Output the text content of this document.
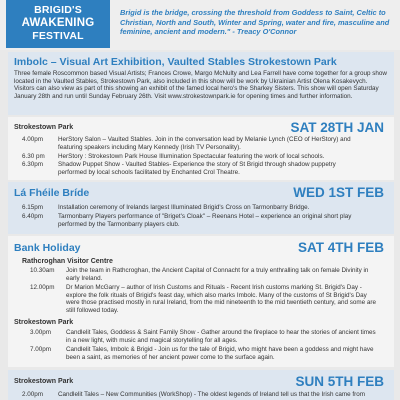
BRIGID'S
AWAKENING
FESTIVAL
Brigid is the bridge, crossing the threshold from Goddess to Saint, Celtic to Christian, North and South, Winter and Spring, water and fire, masculine and feminine, ancient and modern." - Treacy O'Connor
Imbolc – Visual Art Exhibition, Vaulted Stables Strokestown Park
Three female Roscommon based Visual Artists; Frances Crowe, Margo McNulty and Lea Farrell have come together for a group show located in the Vaulted Stables, Strokestown Park, also included in this show will be work by Ukrainian Artist Olena Kosakevych. Visitors can also view as part of this showing an exhibit of the famed local hero's the Sharkey Sisters. This show will open Saturday January 28th and run until Sunday February 26th. Visit www.strokestownpark.ie for opening times and further information.
Strokestown Park	SAT 28TH JAN
4.00pm	HerStory Salon – Vaulted Stables. Join in the conversation lead by Melanie Lynch (CEO of HerStory) and featuring speakers including Mary Kennedy (Irish TV Personality).
6.30 pm	HerStory : Strokestown Park House Illumination Spectacular featuring the work of local schools.
6.30pm	Shadow Puppet Show - Vaulted Stables- Experience the story of St Brigid through shadow puppetry performed by local schools facilitated by Enchanted Crol Theatre.
Lá Fhéile Bríde	WED 1ST FEB
6.15pm	Installation ceremony of Irelands largest Illuminated Brigid's Cross on Tarmonbarry Bridge.
6.40pm	Tarmonbarry Players performance of "Briget's Cloak" – Reenans Hotel – experience an original short play performed by the Tarmonbarry players club.
Bank Holiday	SAT 4TH FEB
Rathcroghan Visitor Centre
10.30am	Join the team in Rathcroghan, the Ancient Capital of Connacht for a truly enthralling talk on female Divinity in early Ireland.
12.00pm	Dr Marion McGarry – author of Irish Customs and Rituals - Recent Irish customs marking St. Brigid's Day - explore the folk rituals of Brigid's feast day, which also marks Imbolc. Many of the customs of St Brigid's Day were those practised mostly in rural Ireland, from the mid nineteenth to the mid twentieth century, and some are still followed today.
Strokestown Park
3.00pm	Candlelit Tales, Goddess & Saint Family Show - Gather around the fireplace to hear the stories of ancient times in a new light, with music and magical storytelling for all ages.
7.00pm	Candlelit Tales, Imbolc & Brigid - Join us for the tale of Brigid, who might have been a goddess and might have been a saint, as memories of her ancient power come to the surface again.
Strokestown Park	SUN 5TH FEB
2.00pm	Candlelit Tales – New Communities (WorkShop) - The oldest legends of Ireland tell us that the Irish came from
